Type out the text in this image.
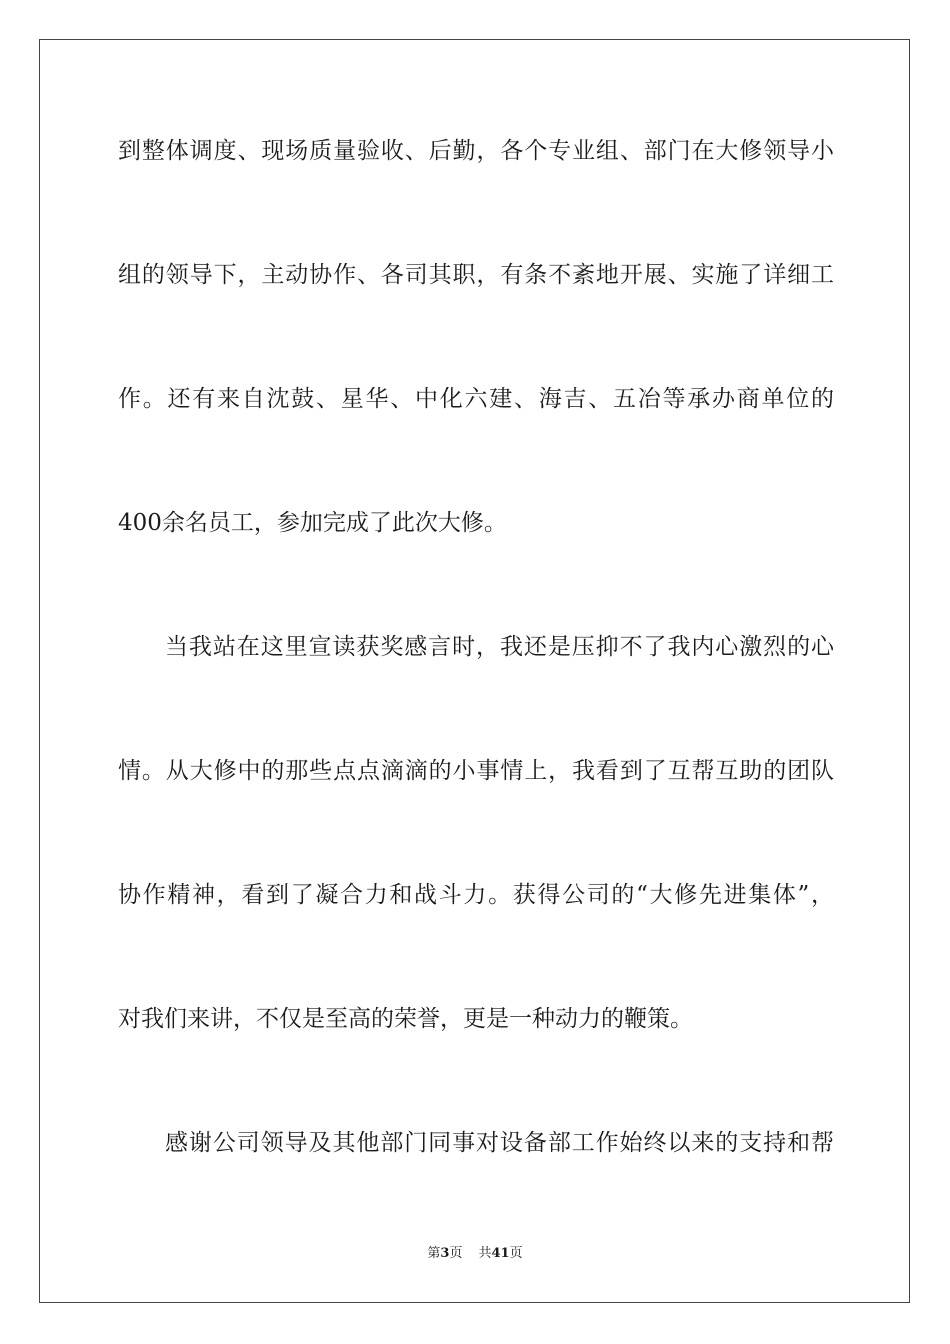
到整体调度、现场质量验收、后勤，各个专业组、部门在大修领导小
组的领导下，主动协作、各司其职，有条不紊地开展、实施了详细工
作。还有来自沈鼓、星华、中化六建、海吉、五冶等承办商单位的
400余名员工，参加完成了此次大修。
当我站在这里宣读获奖感言时，我还是压抑不了我内心激烈的心
情。从大修中的那些点点滴滴的小事情上，我看到了互帮互助的团队
协作精神，看到了凝合力和战斗力。获得公司的“大修先进集体”，
对我们来讲，不仅是至高的荣誉，更是一种动力的鞭策。
感谢公司领导及其他部门同事对设备部工作始终以来的支持和帮
第3页 共41页
